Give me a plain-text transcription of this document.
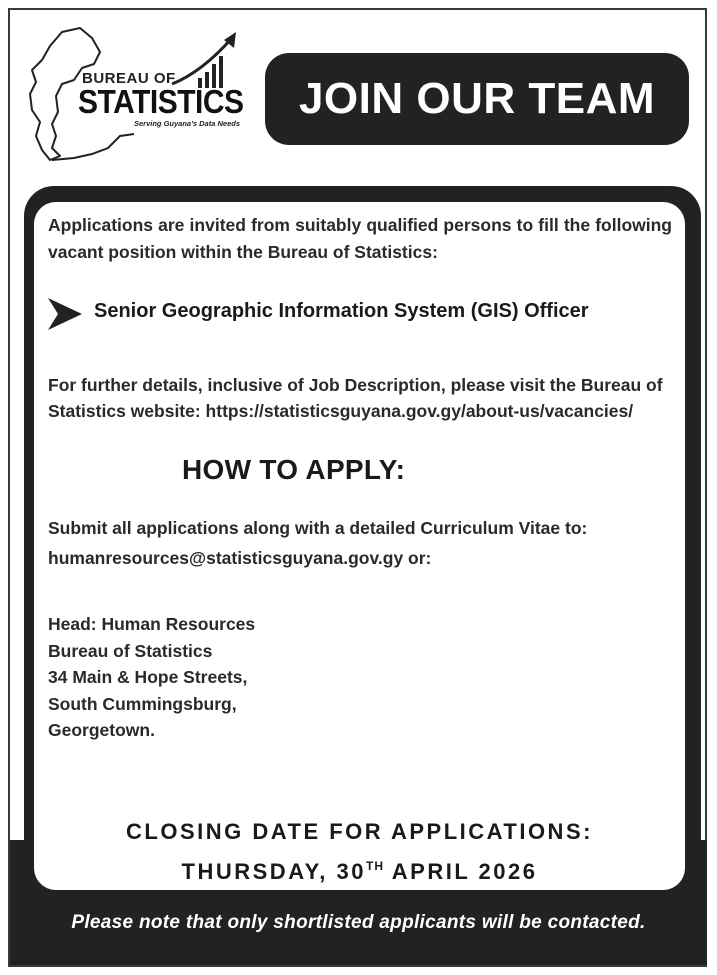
BUREAU OF
STATISTICS
Serving Guyana's Data Needs
JOIN OUR TEAM
Please note that only shortlisted applicants will be contacted.
Applications are invited from suitably qualified persons to fill the following vacant position within the Bureau of Statistics:
Senior Geographic Information System (GIS) Officer
For further details, inclusive of Job Description, please visit the Bureau of Statistics website: https://statisticsguyana.gov.gy/about-us/vacancies/
HOW TO APPLY:
Submit all applications along with a detailed Curriculum Vitae to:
humanresources@statisticsguyana.gov.gy or:
Head: Human Resources
Bureau of Statistics
34 Main & Hope Streets,
South Cummingsburg,
Georgetown.
CLOSING DATE FOR APPLICATIONS:
THURSDAY, 30TH APRIL 2026
